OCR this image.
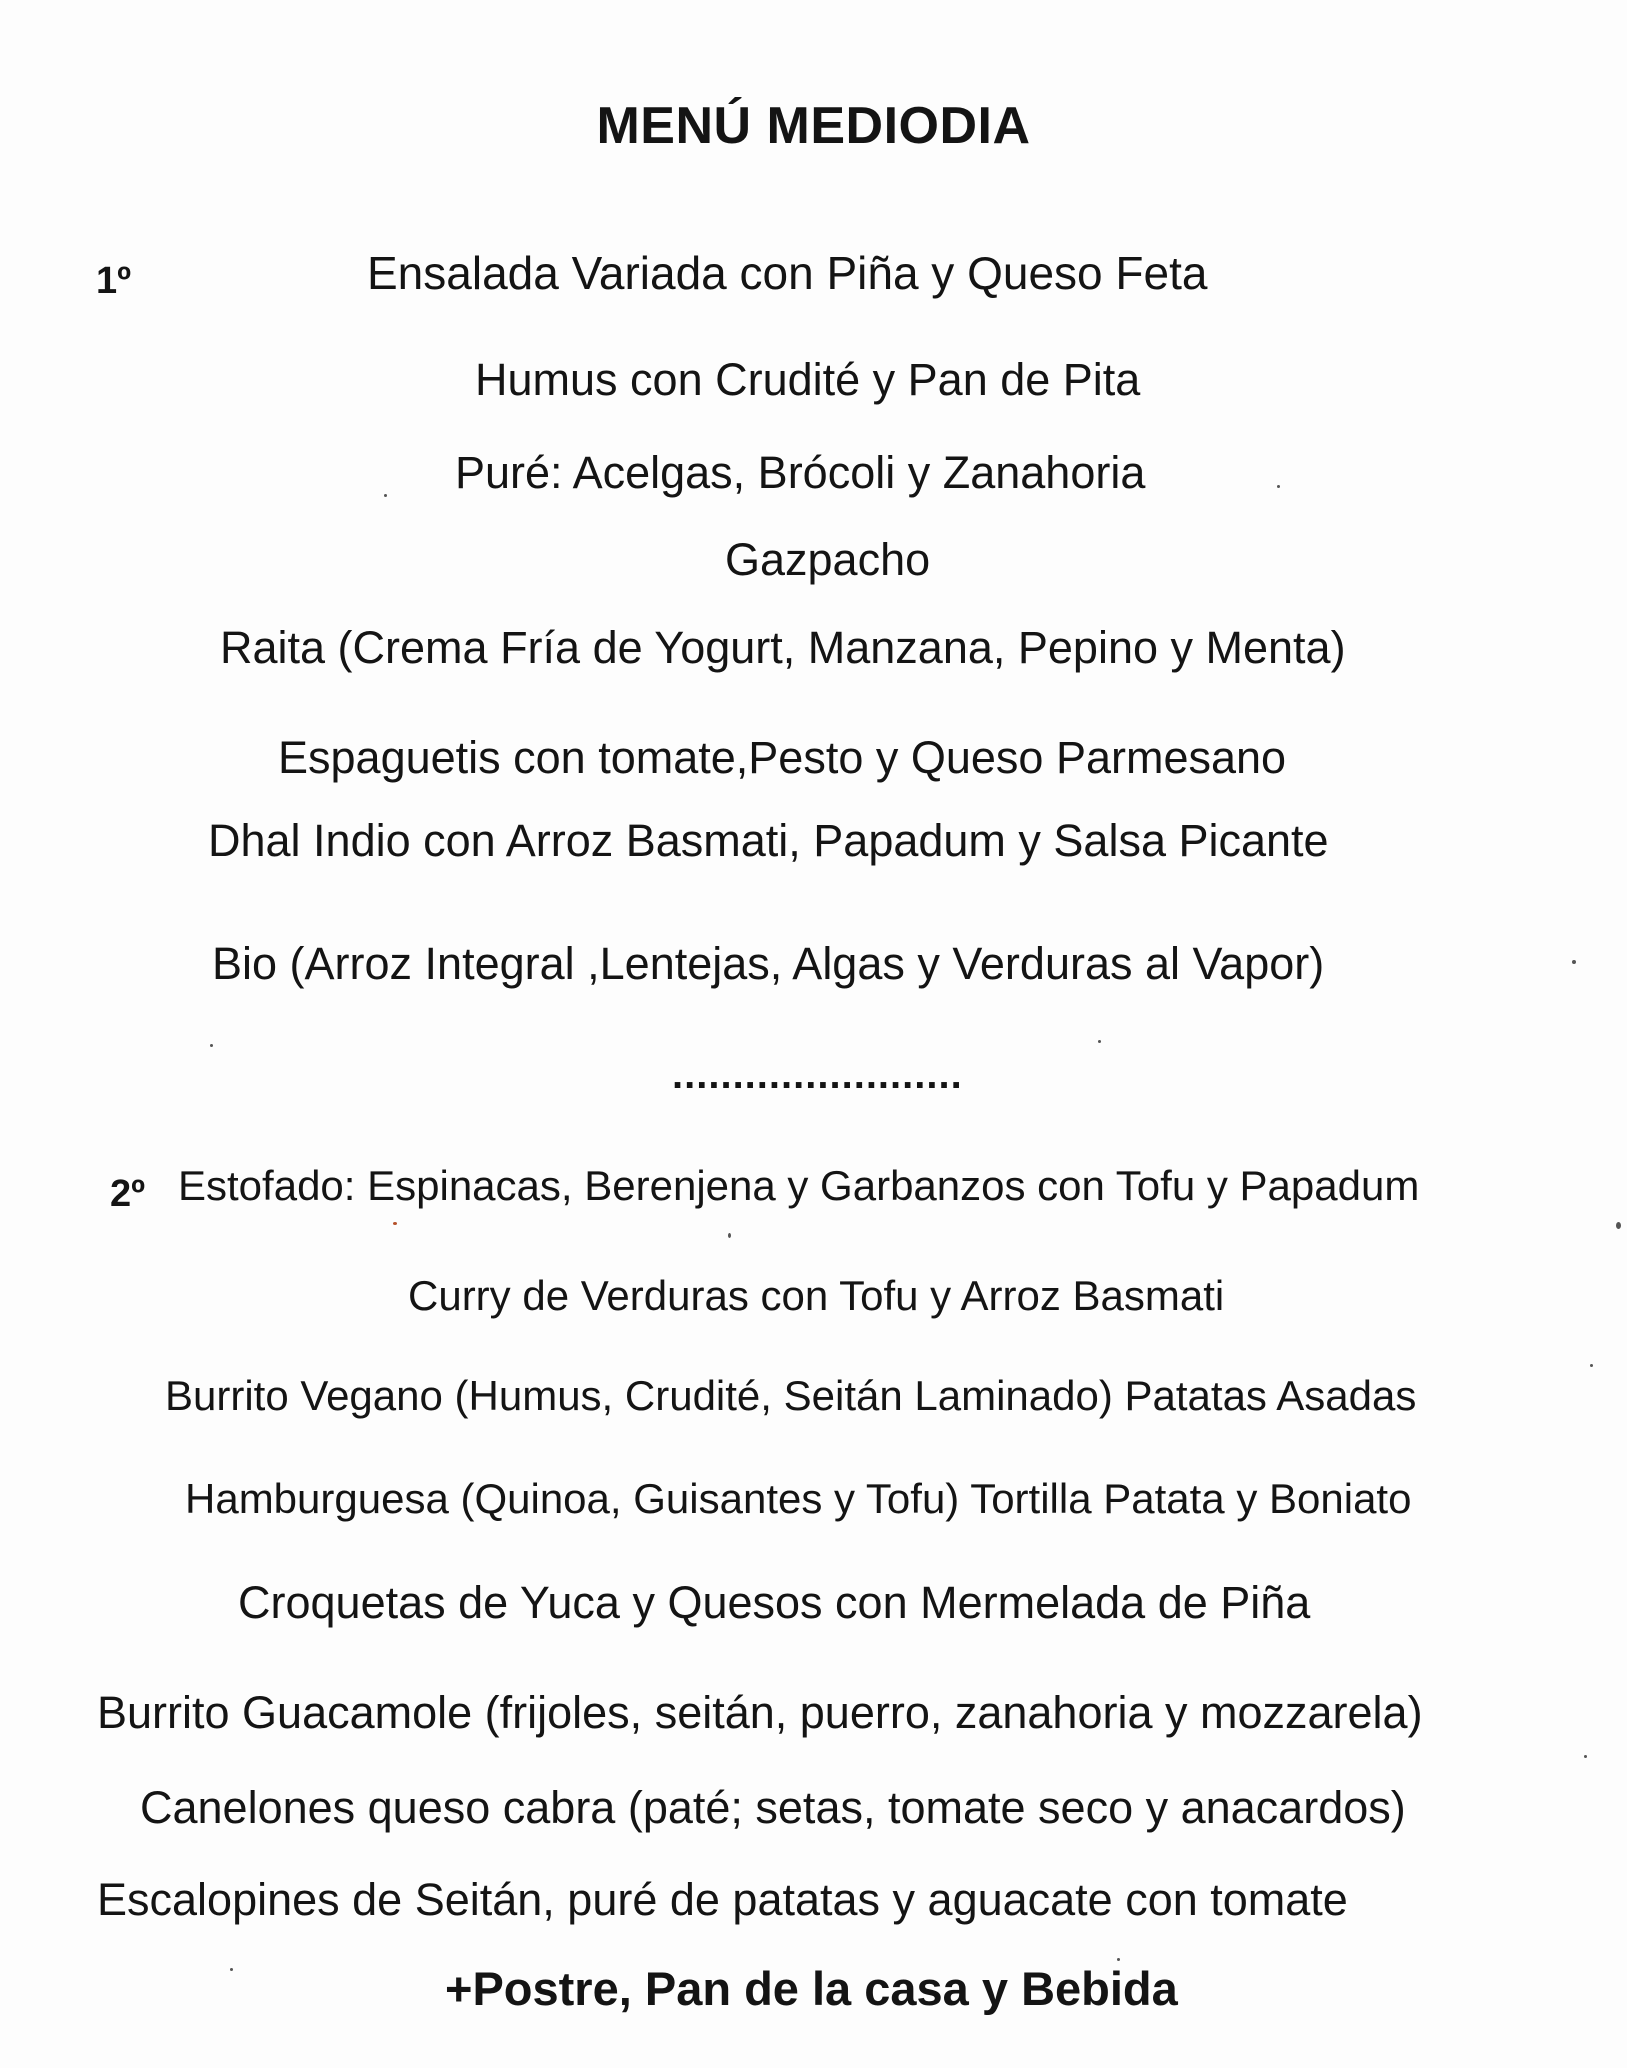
MENÚ MEDIODIA
1º	Ensalada Variada con Piña y Queso Feta
Humus con Crudité y Pan de Pita
Puré: Acelgas, Brócoli y Zanahoria
Gazpacho
Raita (Crema Fría de Yogurt, Manzana, Pepino y Menta)
Espaguetis con tomate,Pesto y Queso Parmesano
Dhal Indio con Arroz Basmati, Papadum y Salsa Picante
Bio (Arroz Integral ,Lentejas, Algas y Verduras al Vapor)
........................
2º Estofado: Espinacas, Berenjena y Garbanzos con Tofu y Papadum
Curry de Verduras con Tofu y Arroz Basmati
Burrito Vegano (Humus, Crudité, Seitán Laminado) Patatas Asadas
Hamburguesa (Quinoa, Guisantes y Tofu) Tortilla Patata y Boniato
Croquetas de Yuca y Quesos con Mermelada de Piña
Burrito Guacamole (frijoles, seitán, puerro, zanahoria y mozzarela)
Canelones queso cabra (paté; setas, tomate seco y anacardos)
Escalopines de Seitán, puré de patatas y aguacate con tomate
+Postre, Pan de la casa y Bebida
